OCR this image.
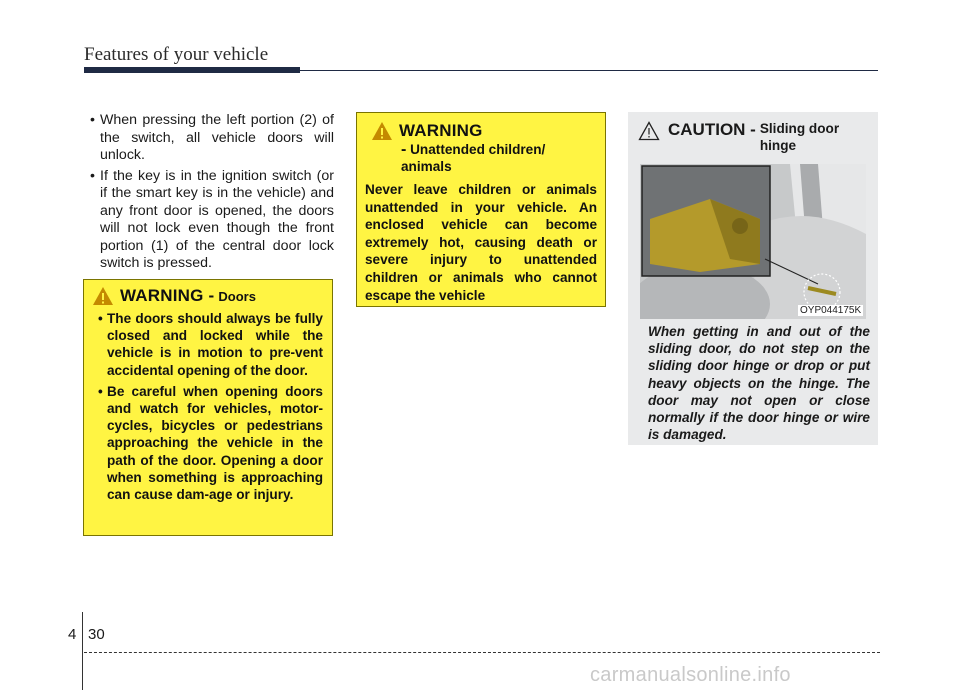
Features of your vehicle
• When pressing the left portion (2) of the switch, all vehicle doors will unlock.
• If the key is in the ignition switch (or if the smart key is in the vehicle) and any front door is opened, the doors will not lock even though the front portion (1) of the central door lock switch is pressed.
WARNING - Doors
• The doors should always be fully closed and locked while the vehicle is in motion to pre-vent accidental opening of the door.
• Be careful when opening doors and watch for vehicles, motor-cycles, bicycles or pedestrians approaching the vehicle in the path of the door. Opening a door when something is approaching can cause dam-age or injury.
WARNING
- Unattended children/ animals
Never leave children or animals unattended in your vehicle. An enclosed vehicle can become extremely hot, causing death or severe injury to unattended children or animals who cannot escape the vehicle
CAUTION - Sliding door hinge
OYP044175K
When getting in and out of the sliding door, do not step on the sliding door hinge or drop or put heavy objects on the hinge. The door may not open or close normally if the door hinge or wire is damaged.
4 30
carmanualsonline.info
